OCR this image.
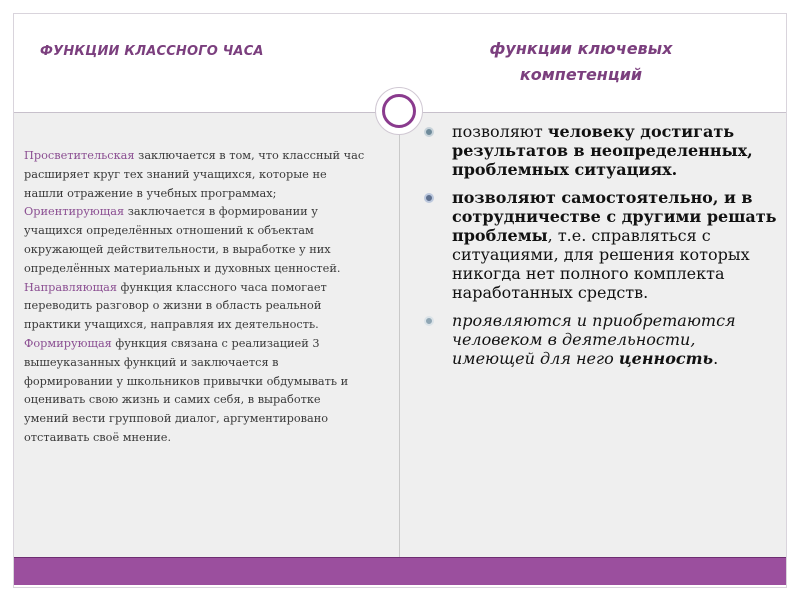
ФУНКЦИИ КЛАССНОГО ЧАСА	функции ключевых
компетенций
Просветительская заключается в том, что классный час
расширяет круг тех знаний учащихся, которые не
нашли отражение в учебных программах;
Ориентирующая заключается в формировании у
учащихся определённых отношений к объектам
окружающей действительности, в выработке у них
определённых материальных и духовных ценностей.
Направляющая функция классного часа помогает
переводить разговор о жизни в область реальной
практики учащихся, направляя их деятельность.
Формирующая функция связана с реализацией 3
вышеуказанных функций и заключается в
формировании у школьников привычки обдумывать и
оценивать свою жизнь и самих себя, в выработке
умений вести групповой диалог, аргументировано
отстаивать своё мнение.
позволяют человеку достигать результатов в неопределенных, проблемных ситуациях.
позволяют самостоятельно, и в сотрудничестве с другими решать проблемы, т.е. справляться с ситуациями, для решения которых никогда нет полного комплекта наработанных средств.
проявляются и приобретаются человеком в деятельности, имеющей для него ценность.
